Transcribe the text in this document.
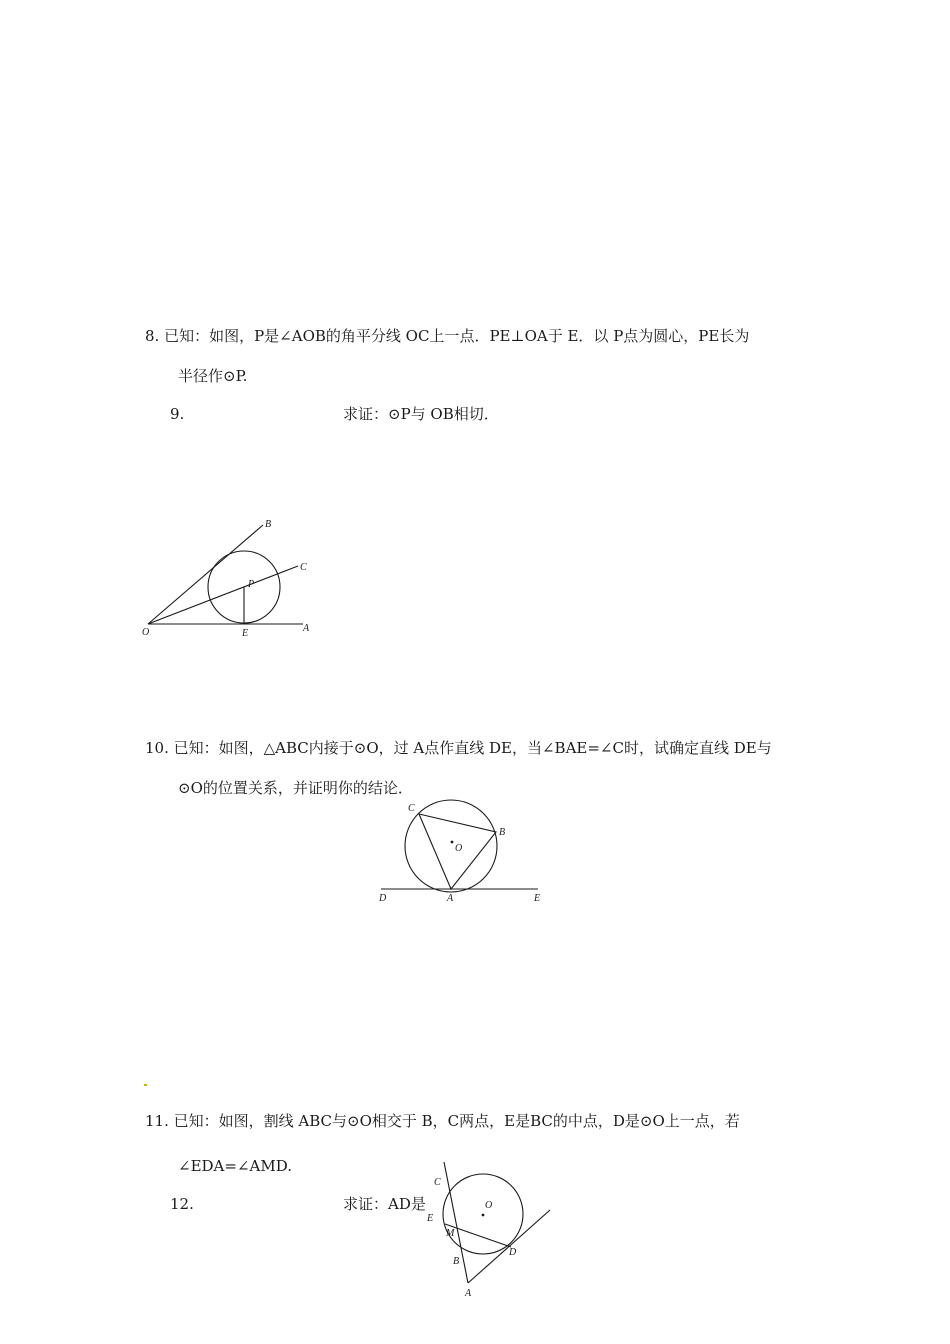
8. 已知：如图，P是∠AOB的角平分线 OC上一点．PE⊥OA于 E．以 P点为圆心，PE长为
半径作⊙P.
9.	求证：⊙P与 OB相切．
B
C
P
O	E	A
10. 已知：如图，△ABC内接于⊙O，过 A点作直线 DE，当∠BAE=∠C时，试确定直线 DE与
⊙O的位置关系，并证明你的结论．
C
B
O
D	A	E
11. 已知：如图，割线 ABC与⊙O相交于 B，C两点，E是BC的中点，D是⊙O上一点，若
∠EDA=∠AMD.
12.	求证：AD是
C
O
E
M
D
B
A
